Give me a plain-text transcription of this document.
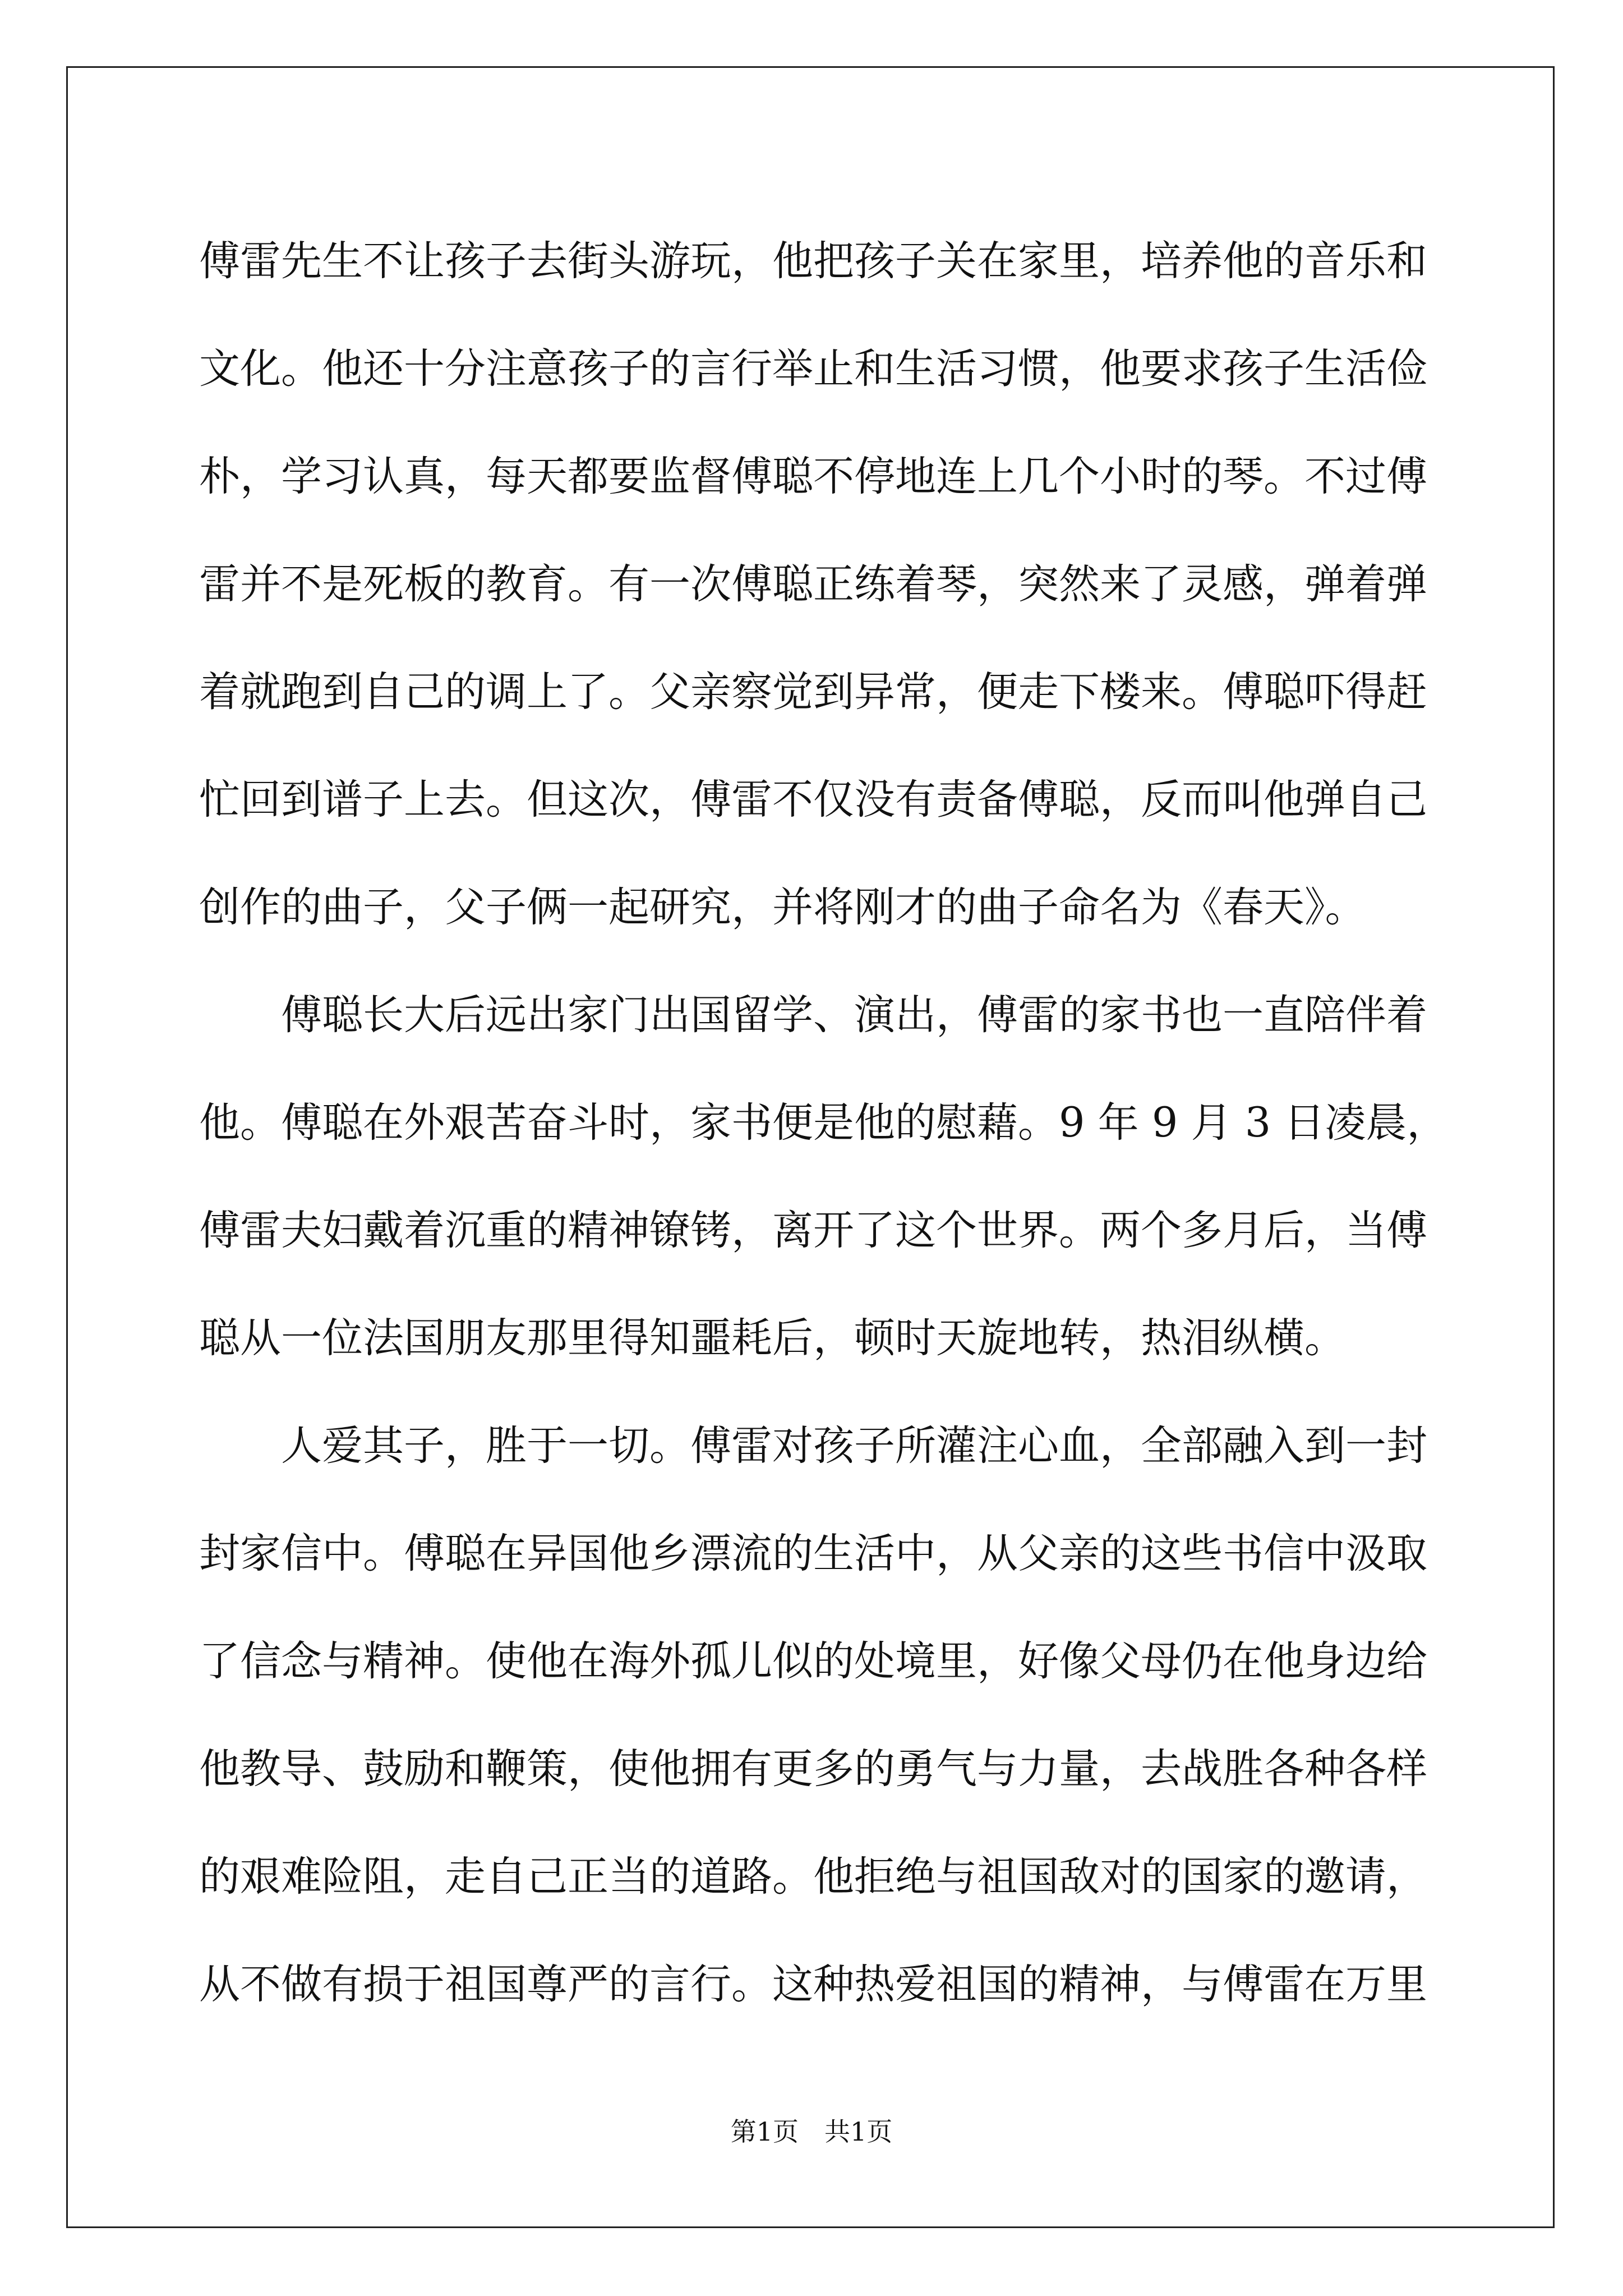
傅雷先生不让孩子去街头游玩，他把孩子关在家里，培养他的音乐和
文化。他还十分注意孩子的言行举止和生活习惯，他要求孩子生活俭
朴，学习认真，每天都要监督傅聪不停地连上几个小时的琴。不过傅
雷并不是死板的教育。有一次傅聪正练着琴，突然来了灵感，弹着弹
着就跑到自己的调上了。父亲察觉到异常，便走下楼来。傅聪吓得赶
忙回到谱子上去。但这次，傅雷不仅没有责备傅聪，反而叫他弹自己
创作的曲子，父子俩一起研究，并将刚才的曲子命名为《春天》。
傅聪长大后远出家门出国留学、演出，傅雷的家书也一直陪伴着
他。傅聪在外艰苦奋斗时，家书便是他的慰藉。9 年 9 月 3 日凌晨，
傅雷夫妇戴着沉重的精神镣铐，离开了这个世界。两个多月后，当傅
聪从一位法国朋友那里得知噩耗后，顿时天旋地转，热泪纵横。
人爱其子，胜于一切。傅雷对孩子所灌注心血，全部融入到一封
封家信中。傅聪在异国他乡漂流的生活中，从父亲的这些书信中汲取
了信念与精神。使他在海外孤儿似的处境里，好像父母仍在他身边给
他教导、鼓励和鞭策，使他拥有更多的勇气与力量，去战胜各种各样
的艰难险阻，走自己正当的道路。他拒绝与祖国敌对的国家的邀请，
从不做有损于祖国尊严的言行。这种热爱祖国的精神，与傅雷在万里
第1页　共1页
